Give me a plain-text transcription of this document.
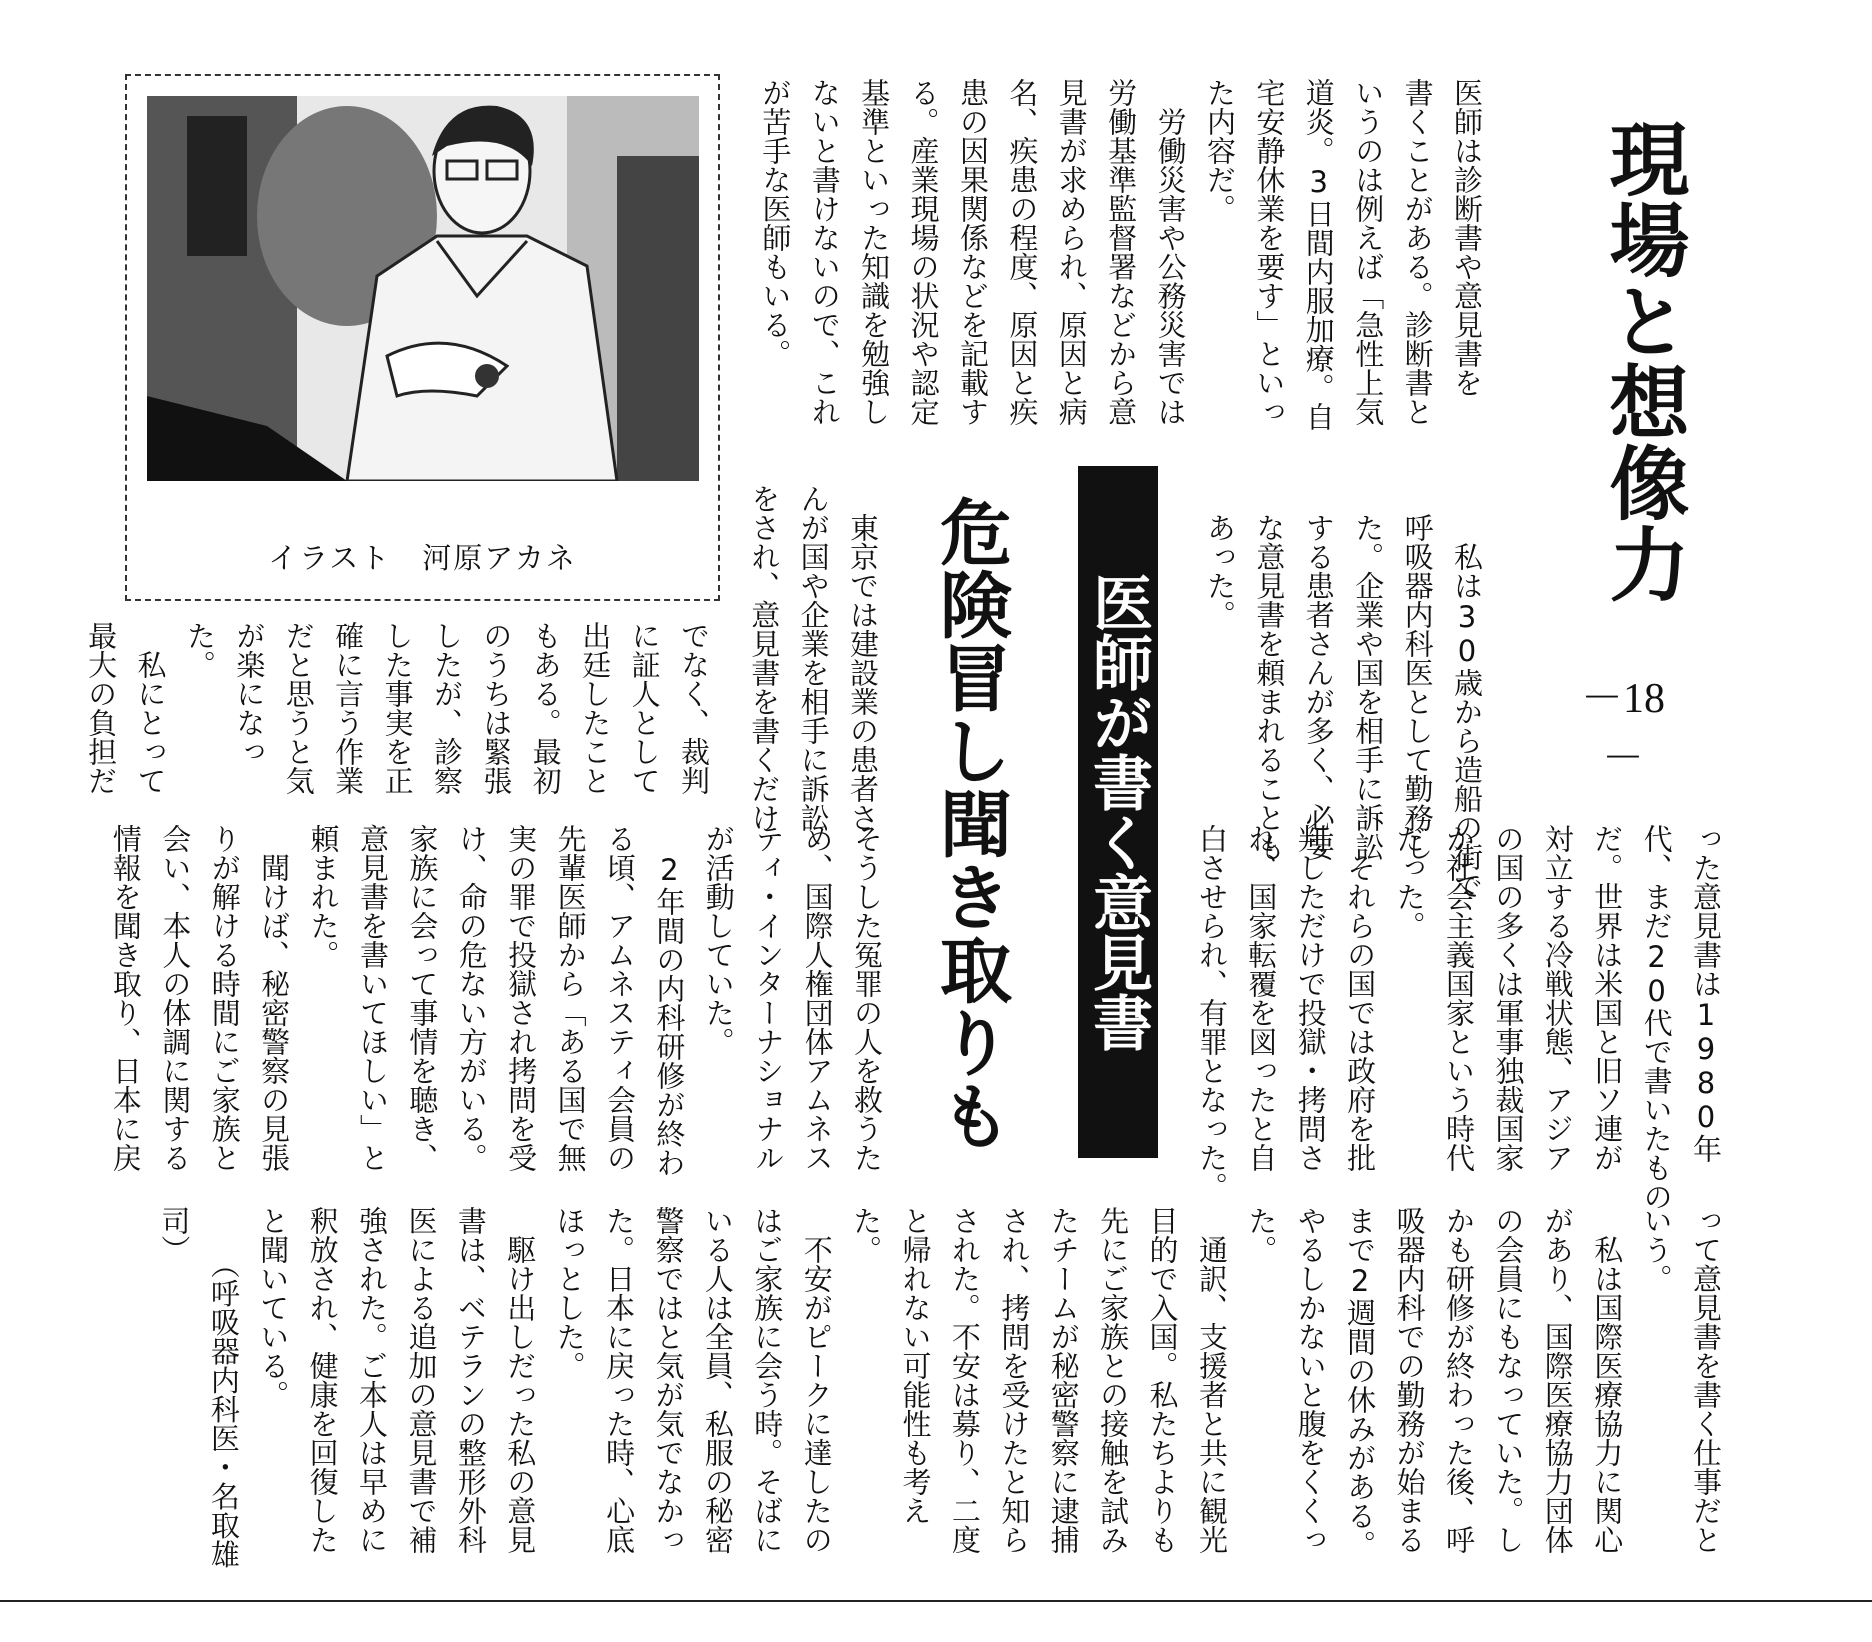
現場と想像力
－18－
イラスト　河原アカネ
医師が書く意見書
危険冒し聞き取りも
医師は診断書や意見書を
書くことがある。診断書と
いうのは例えば「急性上気
道炎。3日間内服加療。自
宅安静休業を要す」といっ
た内容だ。
　労働災害や公務災害では
労働基準監督署などから意
見書が求められ、原因と病
名、疾患の程度、原因と疾
患の因果関係などを記載す
る。産業現場の状況や認定
基準といった知識を勉強し
ないと書けないので、これ
が苦手な医師もいる。
　私は30歳から造船の街で
呼吸器内科医として勤務し
た。企業や国を相手に訴訟
する患者さんが多く、必要
な意見書を頼まれることも
あった。
　東京では建設業の患者さ
んが国や企業を相手に訴訟
をされ、意見書を書くだけ
でなく、裁判
に証人として
出廷したこと
もある。最初
のうちは緊張
したが、診察
した事実を正
確に言う作業
だと思うと気
が楽になっ
た。
　私にとって
最大の負担だ
った意見書は1980年
代、まだ20代で書いたもの
だ。世界は米国と旧ソ連が
対立する冷戦状態、アジア
の国の多くは軍事独裁国家
か社会主義国家という時代
だった。
　それらの国では政府を批
判しただけで投獄・拷問さ
れ、国家転覆を図ったと自
白させられ、有罪となった。
そうした冤罪の人を救うた
め、国際人権団体アムネス
ティ・インターナショナル
が活動していた。
　2年間の内科研修が終わ
る頃、アムネスティ会員の
先輩医師から「ある国で無
実の罪で投獄され拷問を受
け、命の危ない方がいる。
家族に会って事情を聴き、
意見書を書いてほしい」と
頼まれた。
　聞けば、秘密警察の見張
りが解ける時間にご家族と
会い、本人の体調に関する
情報を聞き取り、日本に戻
って意見書を書く仕事だと
いう。
　私は国際医療協力に関心
があり、国際医療協力団体
の会員にもなっていた。し
かも研修が終わった後、呼
吸器内科での勤務が始まる
まで2週間の休みがある。
やるしかないと腹をくくっ
た。
　通訳、支援者と共に観光
目的で入国。私たちよりも
先にご家族との接触を試み
たチームが秘密警察に逮捕
され、拷問を受けたと知ら
された。不安は募り、二度
と帰れない可能性も考え
た。
　不安がピークに達したの
はご家族に会う時。そばに
いる人は全員、私服の秘密
警察ではと気が気でなかっ
た。日本に戻った時、心底
ほっとした。
　駆け出しだった私の意見
書は、ベテランの整形外科
医による追加の意見書で補
強された。ご本人は早めに
釈放され、健康を回復した
と聞いている。
　　（呼吸器内科医・名取雄
司）
